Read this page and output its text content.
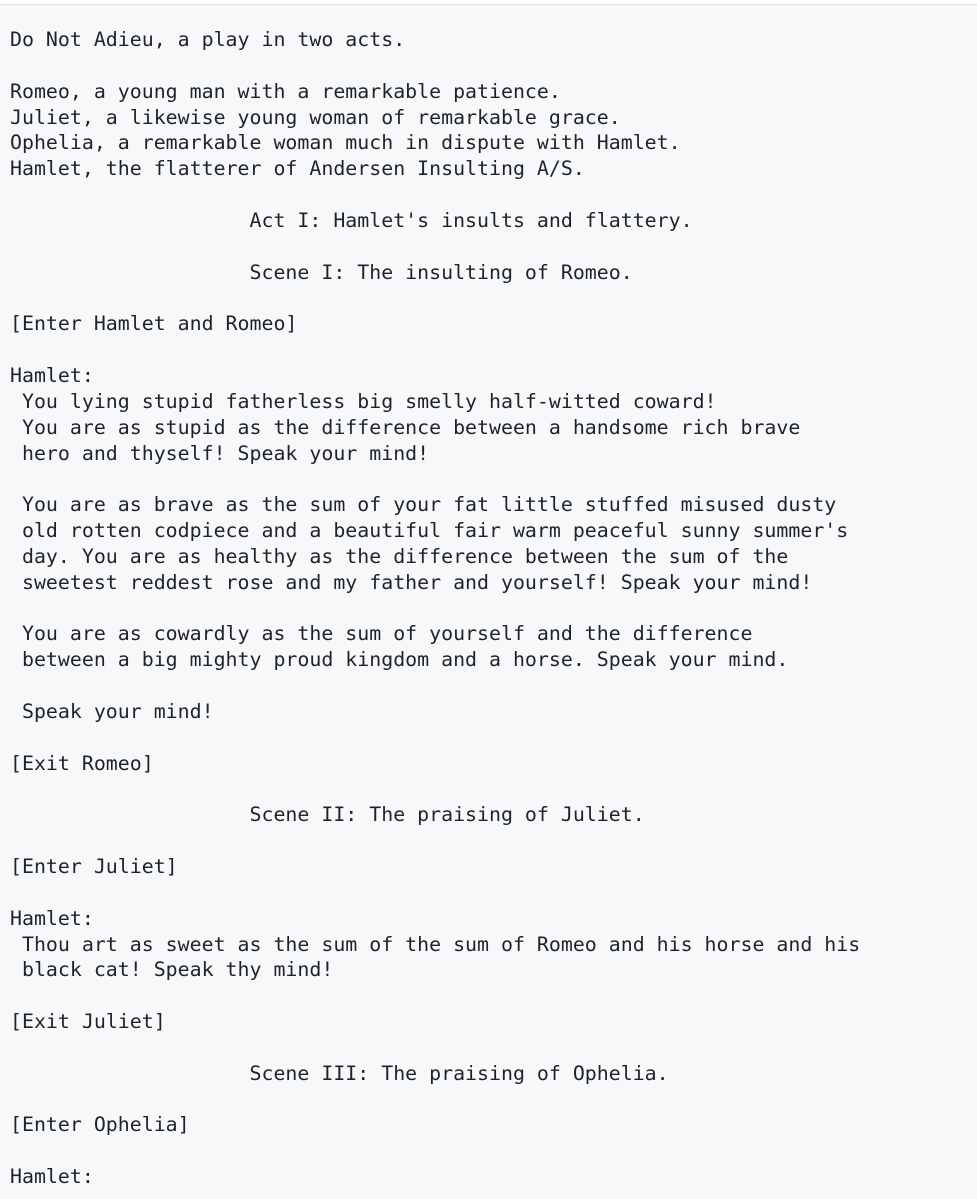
Do Not Adieu, a play in two acts.
Romeo, a young man with a remarkable patience.
Juliet, a likewise young woman of remarkable grace.
Ophelia, a remarkable woman much in dispute with Hamlet.
Hamlet, the flatterer of Andersen Insulting A/S.
Act I: Hamlet's insults and flattery.
Scene I: The insulting of Romeo.
[Enter Hamlet and Romeo]
Hamlet:
You lying stupid fatherless big smelly half-witted coward!
You are as stupid as the difference between a handsome rich brave
hero and thyself! Speak your mind!
You are as brave as the sum of your fat little stuffed misused dusty
old rotten codpiece and a beautiful fair warm peaceful sunny summer's
day. You are as healthy as the difference between the sum of the
sweetest reddest rose and my father and yourself! Speak your mind!
You are as cowardly as the sum of yourself and the difference
between a big mighty proud kingdom and a horse. Speak your mind.
Speak your mind!
[Exit Romeo]
Scene II: The praising of Juliet.
[Enter Juliet]
Hamlet:
Thou art as sweet as the sum of the sum of Romeo and his horse and his
black cat! Speak thy mind!
[Exit Juliet]
Scene III: The praising of Ophelia.
[Enter Ophelia]
Hamlet:
